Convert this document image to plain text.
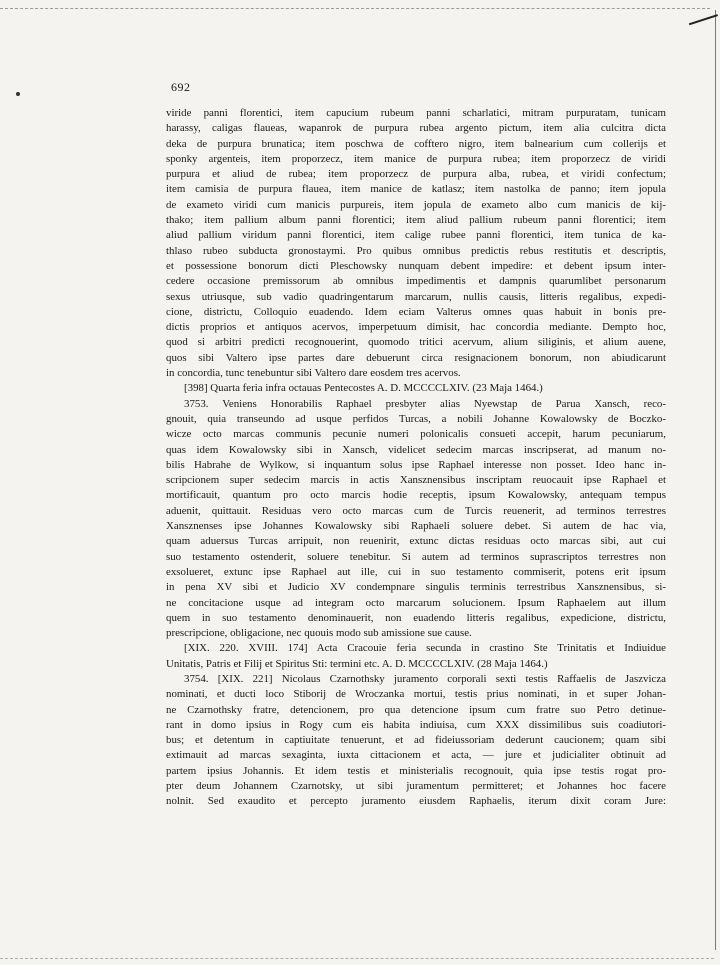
692
viride panni florentici, item capucium rubeum panni scharlatici, mitram purpuratam, tunicam
harassy, caligas flaueas, wapanrok de purpura rubea argento pictum, item alia culcitra dicta
deka de purpura brunatica; item poschwa de cofftero nigro, item balnearium cum collerijs et
sponky argenteis, item proporzecz, item manice de purpura rubea; item proporzecz de viridi
purpura et aliud de rubea; item proporzecz de purpura alba, rubea, et viridi confectum;
item camisia de purpura flauea, item manice de katlasz; item nastolka de panno; item jopula
de exameto viridi cum manicis purpureis, item jopula de exameto albo cum manicis de kij-
thako; item pallium album panni florentici; item aliud pallium rubeum panni florentici; item
aliud pallium viridum panni florentici, item calige rubee panni florentici, item tunica de ka-
thlaso rubeo subducta gronostaymi. Pro quibus omnibus predictis rebus restitutis et descriptis,
et possessione bonorum dicti Pleschowsky nunquam debent impedire: et debent ipsum inter-
cedere occasione premissorum ab omnibus impedimentis et dampnis quarumlibet personarum
sexus utriusque, sub vadio quadringentarum marcarum, nullis causis, litteris regalibus, expedi-
cione, districtu, Colloquio euadendo. Idem eciam Valterus omnes quas habuit in bonis pre-
dictis proprios et antiquos acervos, imperpetuum dimisit, hac concordia mediante. Dempto hoc,
quod si arbitri predicti recognouerint, quomodo tritici acervum, alium siliginis, et alium auene,
quos sibi Valtero ipse partes dare debuerunt circa resignacionem bonorum, non abiudicarunt
in concordia, tunc tenebuntur sibi Valtero dare eosdem tres acervos.
[398] Quarta feria infra octauas Pentecostes A. D. MCCCCLXIV. (23 Maja 1464.)
3753. Veniens Honorabilis Raphael presbyter alias Nyewstap de Parua Xansch, reco-
gnouit, quia transeundo ad usque perfidos Turcas, a nobili Johanne Kowalowsky de Boczko-
wicze octo marcas communis pecunie numeri polonicalis consueti accepit, harum pecuniarum,
quas idem Kowalowsky sibi in Xansch, videlicet sedecim marcas inscripserat, ad manum no-
bilis Habrahe de Wylkow, si inquantum solus ipse Raphael interesse non posset. Ideo hanc in-
scripcionem super sedecim marcis in actis Xansznensibus inscriptam reuocauit ipse Raphael et
mortificauit, quantum pro octo marcis hodie receptis, ipsum Kowalowsky, antequam tempus
aduenit, quittauit. Residuas vero octo marcas cum de Turcis reuenerit, ad terminos terrestres
Xansznenses ipse Johannes Kowalowsky sibi Raphaeli soluere debet. Si autem de hac via,
quam aduersus Turcas arripuit, non reuenirit, extunc dictas residuas octo marcas sibi, aut cui
suo testamento ostenderit, soluere tenebitur. Si autem ad terminos suprascriptos terrestres non
exsolueret, extunc ipse Raphael aut ille, cui in suo testamento commiserit, potens erit ipsum
in pena XV sibi et Judicio XV condempnare singulis terminis terrestribus Xansznensibus, si-
ne concitacione usque ad integram octo marcarum solucionem. Ipsum Raphaelem aut illum
quem in suo testamento denominauerit, non euadendo litteris regalibus, expedicione, districtu,
prescripcione, obligacione, nec quouis modo sub amissione sue cause.
[XIX. 220. XVIII. 174] Acta Cracouie feria secunda in crastino Ste Trinitatis et Indiuidue
Unitatis, Patris et Filij et Spiritus Sti: termini etc. A. D. MCCCCLXIV. (28 Maja 1464.)
3754. [XIX. 221] Nicolaus Czarnothsky juramento corporali sexti testis Raffaelis de Jaszvicza
nominati, et ducti loco Stiborij de Wroczanka mortui, testis prius nominati, in et super Johan-
ne Czarnothsky fratre, detencionem, pro qua detencione ipsum cum fratre suo Petro detinue-
rant in domo ipsius in Rogy cum eis habita indiuisa, cum XXX dissimilibus suis coadiutori-
bus; et detentum in captiuitate tenuerunt, et ad fideiussoriam dederunt caucionem; quam sibi
extimauit ad marcas sexaginta, iuxta cittacionem et acta, — jure et judicialiter obtinuit ad
partem ipsius Johannis. Et idem testis et ministerialis recognouit, quia ipse testis rogat pro-
pter deum Johannem Czarnotsky, ut sibi juramentum permitteret; et Johannes hoc facere
nolnit. Sed exaudito et percepto juramento eiusdem Raphaelis, iterum dixit coram Jure:
